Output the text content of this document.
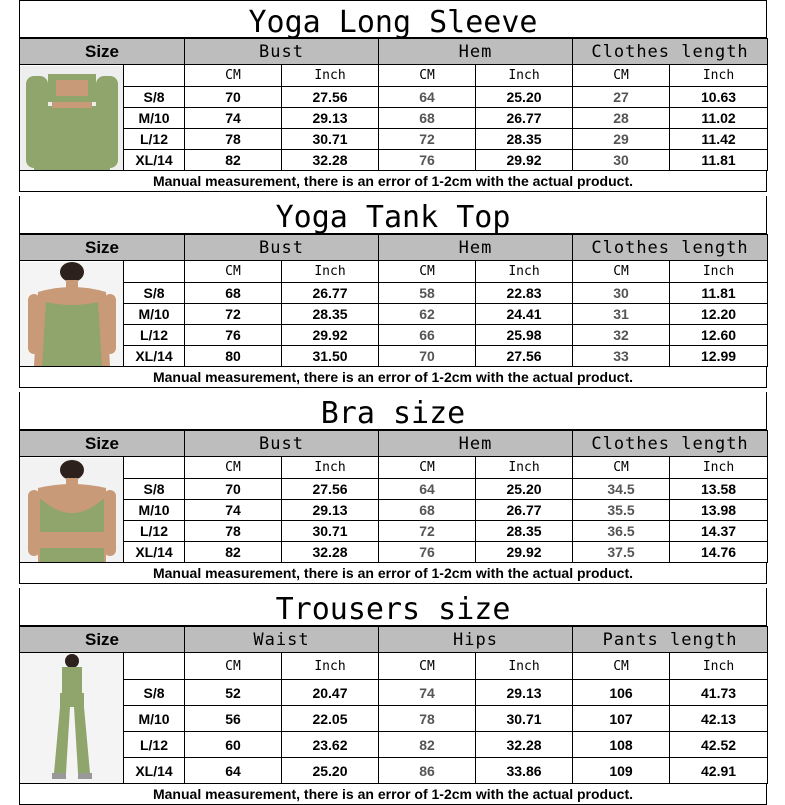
Yoga Long Sleeve
Size		Bust		Hem		Clothes length	

		CM	Inch	CM	Inch	CM	Inch
	S/8	70	27.56	64	25.20	27	10.63
	M/10	74	29.13	68	26.77	28	11.02
	L/12	78	30.71	72	28.35	29	11.42
	XL/14	82	32.28	76	29.92	30	11.81
Manual measurement, there is an error of 1-2cm with the actual product.
Yoga Tank Top
Size		Bust		Hem		Clothes length	

		CM	Inch	CM	Inch	CM	Inch
	S/8	68	26.77	58	22.83	30	11.81
	M/10	72	28.35	62	24.41	31	12.20
	L/12	76	29.92	66	25.98	32	12.60
	XL/14	80	31.50	70	27.56	33	12.99
Manual measurement, there is an error of 1-2cm with the actual product.
Bra size
Size		Bust		Hem		Clothes length	

		CM	Inch	CM	Inch	CM	Inch
	S/8	70	27.56	64	25.20	34.5	13.58
	M/10	74	29.13	68	26.77	35.5	13.98
	L/12	78	30.71	72	28.35	36.5	14.37
	XL/14	82	32.28	76	29.92	37.5	14.76
Manual measurement, there is an error of 1-2cm with the actual product.
Trousers size
Size		Waist		Hips		Pants length	

		CM	Inch	CM	Inch	CM	Inch
	S/8	52	20.47	74	29.13	106	41.73
	M/10	56	22.05	78	30.71	107	42.13
	L/12	60	23.62	82	32.28	108	42.52
	XL/14	64	25.20	86	33.86	109	42.91
Manual measurement, there is an error of 1-2cm with the actual product.
